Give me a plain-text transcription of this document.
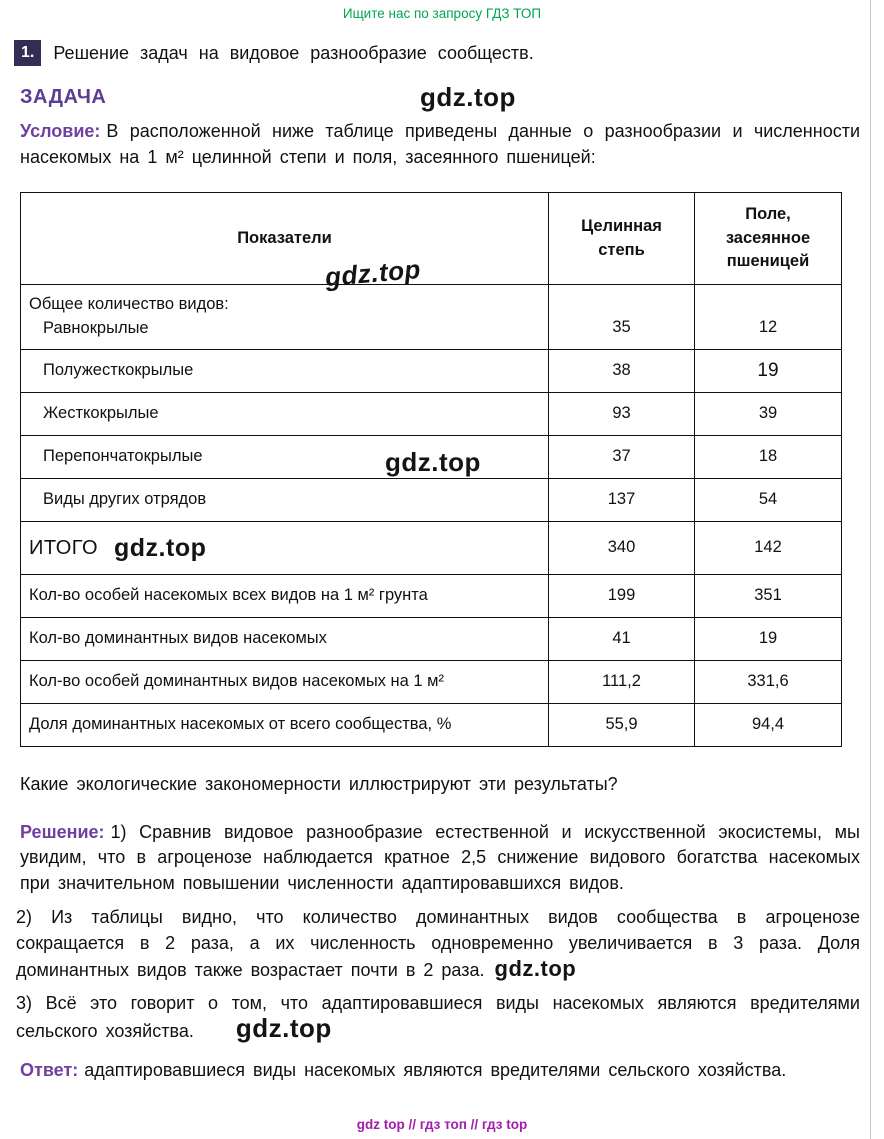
Ищите нас по запросу ГДЗ ТОП
1.	Решение задач на видовое разнообразие сообществ.
ЗАДАЧА	gdz.top
gdz.top
gdz.top

Условие: В расположенной ниже таблице приведены данные о разнообразии и численности насекомых на 1 м² целинной степи и поля, засеянного пшеницей:

Показатели	Целинная степь	Поле, засеянное пшеницей

Общее количество видов:
Равнокрылые	35	12

Полужесткокрылые	38	19

Жесткокрылые	93	39

Перепончатокрылые	37	18

Виды других отрядов	137	54
ИТОГО gdz.top	340	142

Кол-во особей насекомых всех видов на 1 м² грунта	199	351

Кол-во доминантных видов насекомых	41	19

Кол-во особей доминантных видов насекомых на 1 м²	111,2	331,6

Доля доминантных насекомых от всего сообщества, %	55,9	94,4

Какие экологические закономерности иллюстрируют эти результаты?

Решение: 1) Сравнив видовое разнообразие естественной и искусственной экосистемы, мы увидим, что в агроценозе наблюдается кратное 2,5 снижение видового богатства насекомых при значительном повышении численности адаптировавшихся видов.

2) Из таблицы видно, что количество доминантных видов сообщества в агроценозе сокращается в 2 раза, а их численность одновременно увеличивается в 3 раза. Доля доминантных видов также возрастает почти в 2 раза. gdz.top

3) Всё это говорит о том, что адаптировавшиеся виды насекомых являются вредителями сельского хозяйства. gdz.top

Ответ: адаптировавшиеся виды насекомых являются вредителями сельского хозяйства.

gdz top // гдз топ // гдз top
